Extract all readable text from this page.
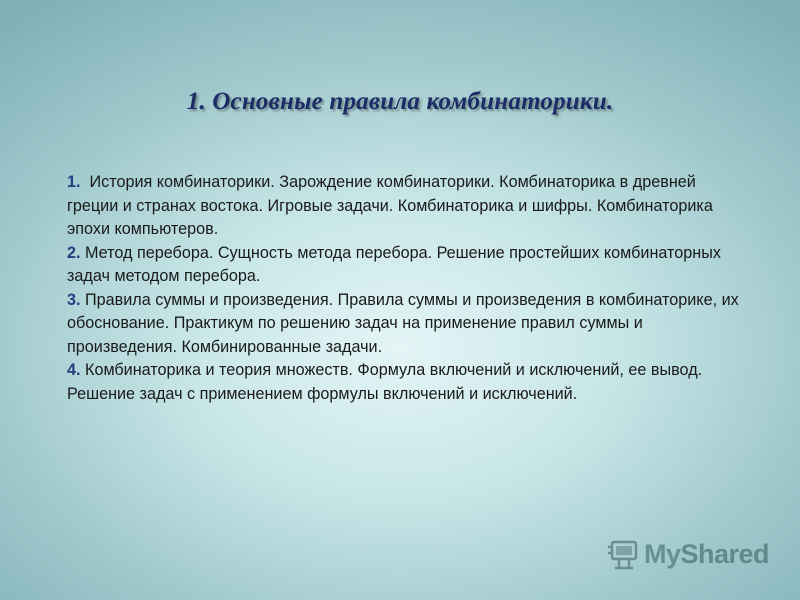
1. Основные правила комбинаторики.

1.  История комбинаторики. Зарождение комбинаторики. Комбинаторика в древней греции и странах востока. Игровые задачи. Комбинаторика и шифры. Комбинаторика эпохи компьютеров.

2. Метод перебора. Сущность метода перебора. Решение простейших комбинаторных задач методом перебора.

3. Правила суммы и произведения. Правила суммы и произведения в комбинаторике, их обоснование. Практикум по решению задач на применение правил суммы и произведения. Комбинированные задачи.

4. Комбинаторика и теория множеств. Формула включений и исключений, ее вывод. Решение задач с применением формулы включений и исключений.

MyShared
